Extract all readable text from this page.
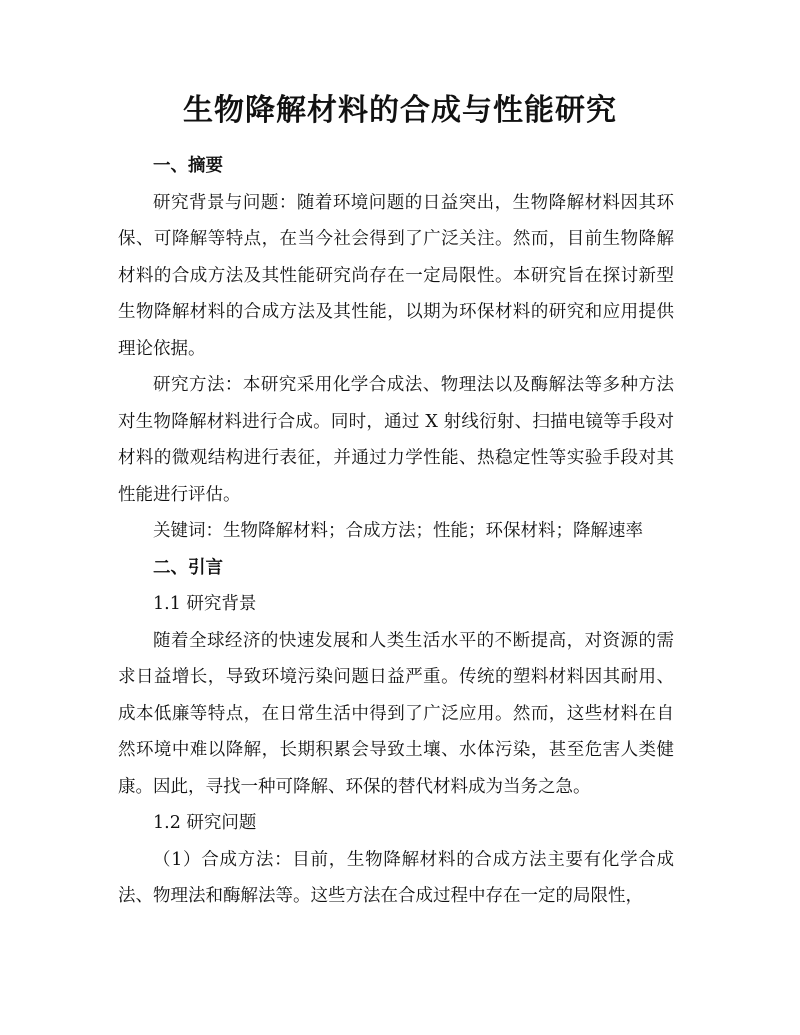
生物降解材料的合成与性能研究

一、摘要

研究背景与问题：随着环境问题的日益突出，生物降解材料因其环保、可降解等特点，在当今社会得到了广泛关注。然而，目前生物降解材料的合成方法及其性能研究尚存在一定局限性。本研究旨在探讨新型生物降解材料的合成方法及其性能，以期为环保材料的研究和应用提供理论依据。

研究方法：本研究采用化学合成法、物理法以及酶解法等多种方法对生物降解材料进行合成。同时，通过 X 射线衍射、扫描电镜等手段对材料的微观结构进行表征，并通过力学性能、热稳定性等实验手段对其性能进行评估。

关键词：生物降解材料；合成方法；性能；环保材料；降解速率

二、引言

1.1 研究背景

随着全球经济的快速发展和人类生活水平的不断提高，对资源的需求日益增长，导致环境污染问题日益严重。传统的塑料材料因其耐用、成本低廉等特点，在日常生活中得到了广泛应用。然而，这些材料在自然环境中难以降解，长期积累会导致土壤、水体污染，甚至危害人类健康。因此，寻找一种可降解、环保的替代材料成为当务之急。

1.2 研究问题

（1）合成方法：目前，生物降解材料的合成方法主要有化学合成法、物理法和酶解法等。这些方法在合成过程中存在一定的局限性，
